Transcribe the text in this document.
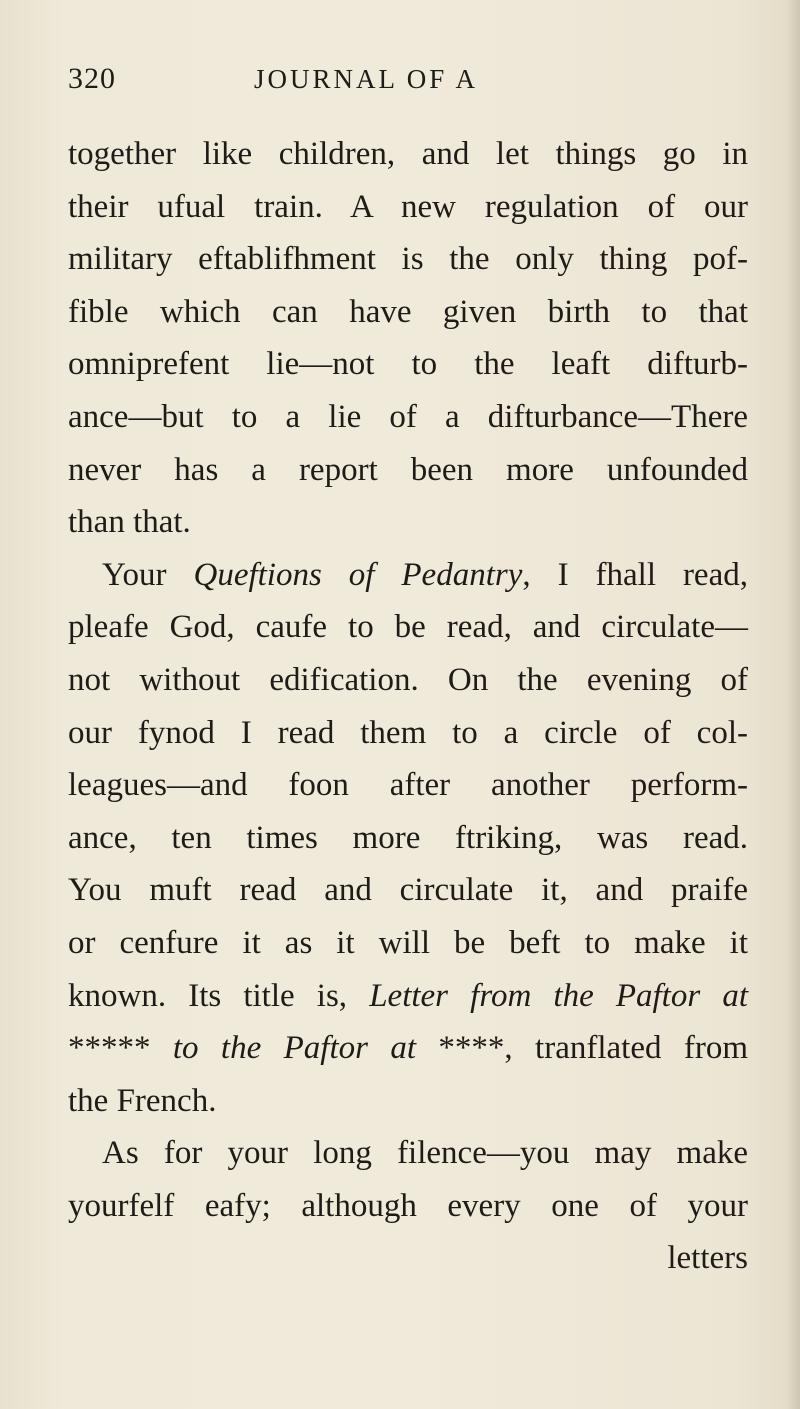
320	JOURNAL OF A
together like children, and let things go in
their ufual train. A new regulation of our
military eftablifhment is the only thing pof-
fible which can have given birth to that
omniprefent lie—not to the leaft difturb-
ance—but to a lie of a difturbance—There
never has a report been more unfounded
than that.
Your Queftions of Pedantry, I fhall read,
pleafe God, caufe to be read, and circulate—
not without edification. On the evening of
our fynod I read them to a circle of col-
leagues—and foon after another perform-
ance, ten times more ftriking, was read.
You muft read and circulate it, and praife
or cenfure it as it will be beft to make it
known. Its title is, Letter from the Paftor at
***** to the Paftor at ****, tranflated from
the French.
As for your long filence—you may make
yourfelf eafy; although every one of your
letters
